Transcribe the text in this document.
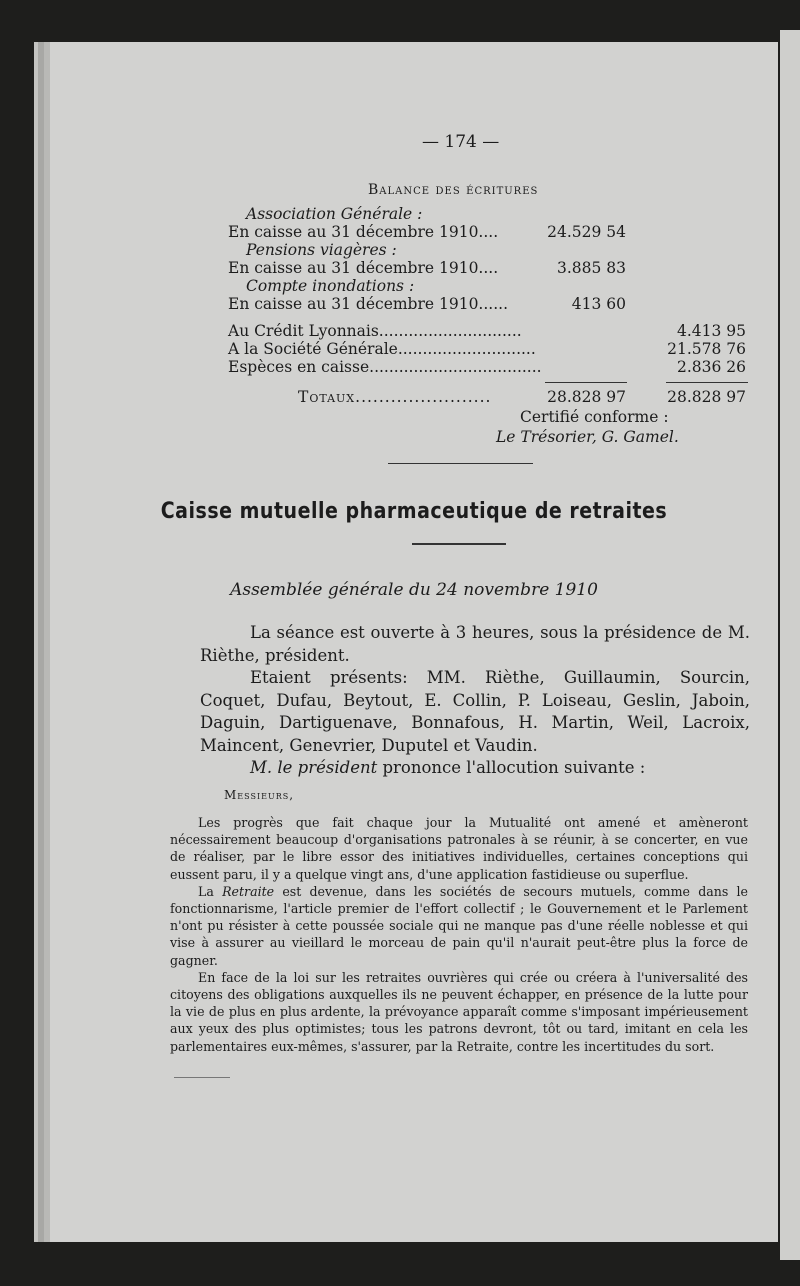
— 174 —
Balance des écritures
Association Générale :
En caisse au 31 décembre 1910....	24.529 54
Pensions viagères :
En caisse au 31 décembre 1910....	3.885 83
Compte inondations :
En caisse au 31 décembre 1910......	413 60
Au Crédit Lyonnais.............................	4.413 95
A la Société Générale............................	21.578 76
Espèces en caisse...................................	2.836 26
Totaux.......................	28.828 97	28.828 97
Certifié conforme :
Le Trésorier, G. Gamel.
Caisse mutuelle pharmaceutique de retraites
Assemblée générale du 24 novembre 1910

La séance est ouverte à 3 heures, sous la présidence de M. Rièthe, président.

Etaient présents: MM. Rièthe, Guillaumin, Sourcin, Coquet, Dufau, Beytout, E. Collin, P. Loiseau, Geslin, Jaboin, Daguin, Dartiguenave, Bonnafous, H. Martin, Weil, Lacroix, Maincent, Genevrier, Duputel et Vaudin.

M. le président prononce l'allocution suivante :

Messieurs,

Les progrès que fait chaque jour la Mutualité ont amené et amèneront nécessairement beaucoup d'organisations patronales à se réunir, à se concerter, en vue de réaliser, par le libre essor des initiatives individuelles, certaines conceptions qui eussent paru, il y a quelque vingt ans, d'une application fastidieuse ou superflue.

La Retraite est devenue, dans les sociétés de secours mutuels, comme dans le fonctionnarisme, l'article premier de l'effort collectif ; le Gouvernement et le Parlement n'ont pu résister à cette poussée sociale qui ne manque pas d'une réelle noblesse et qui vise à assurer au vieillard le morceau de pain qu'il n'aurait peut-être plus la force de gagner.

En face de la loi sur les retraites ouvrières qui crée ou créera à l'universalité des citoyens des obligations auxquelles ils ne peuvent échapper, en présence de la lutte pour la vie de plus en plus ardente, la prévoyance apparaît comme s'imposant impérieusement aux yeux des plus optimistes; tous les patrons devront, tôt ou tard, imitant en cela les parlementaires eux-mêmes, s'assurer, par la Retraite, contre les incertitudes du sort.
